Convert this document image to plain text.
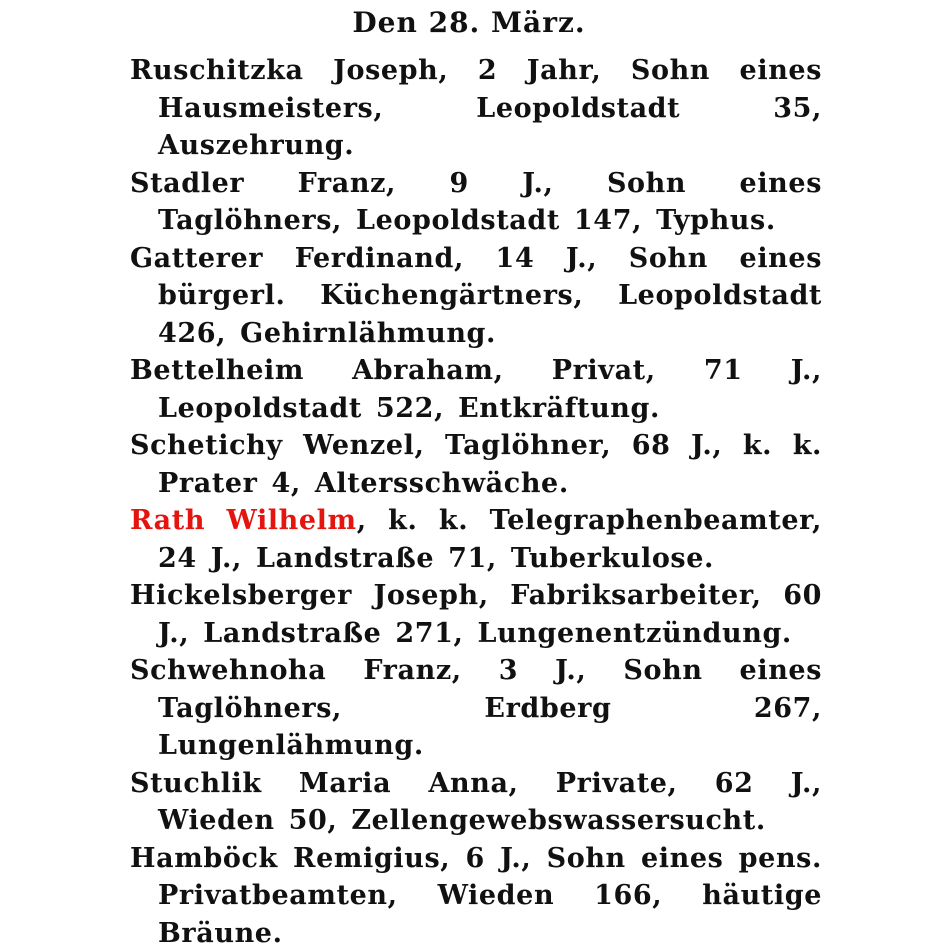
Den 28. März.

Ruschitzka Joseph, 2 Jahr, Sohn eines Hausmeisters, Leopoldstadt 35, Auszehrung.

Stadler Franz, 9 J., Sohn eines Taglöhners, Leopoldstadt 147, Typhus.

Gatterer Ferdinand, 14 J., Sohn eines bürgerl. Küchengärtners, Leopoldstadt 426, Gehirnlähmung.

Bettelheim Abraham, Privat, 71 J., Leopoldstadt 522, Entkräftung.

Schetichy Wenzel, Taglöhner, 68 J., k. k. Prater 4, Altersschwäche.

Rath Wilhelm, k. k. Telegraphenbeamter, 24 J., Landstraße 71, Tuberkulose.

Hickelsberger Joseph, Fabriksarbeiter, 60 J., Landstraße 271, Lungenentzündung.

Schwehnoha Franz, 3 J., Sohn eines Taglöhners, Erdberg 267, Lungenlähmung.

Stuchlik Maria Anna, Private, 62 J., Wieden 50, Zellengewebswassersucht.

Hamböck Remigius, 6 J., Sohn eines pens. Privatbeamten, Wieden 166, häutige Bräune.
